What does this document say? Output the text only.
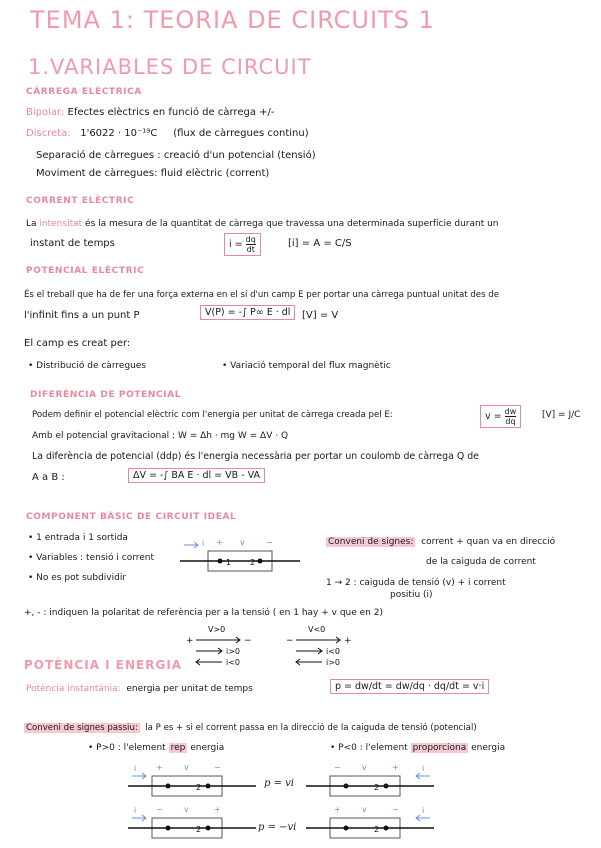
TEMA 1: TEORIA DE CIRCUITS 1
1.VARIABLES DE CIRCUIT
CÀRREGA ELÈCTRICA
Bipolar: Efectes elèctrics en funció de càrrega +/-
Discreta: 1'6022 · 10⁻¹⁹C (flux de càrregues continu)
Separació de càrregues : creació d'un potencial (tensió)
Moviment de càrregues: fluid elèctric (corrent)
CORRENT ELÈCTRIC
La intensitat és la mesura de la quantitat de càrrega que travessa una determinada superfície durant un
instant de temps	$i = \frac{dq}{dt}$	[i] = A = C/S
POTENCIAL ELÈCTRIC
És el treball que ha de fer una força externa en el sí d'un camp E per portar una càrrega puntual unitat des de
l'infinit fins a un punt P	V(P) = -∫ P∞ E · dl	[V] = V
El camp es creat per:
• Distribució de càrregues	• Variació temporal del flux magnètic
DIFERÈNCIA DE POTENCIAL
Podem definir el potencial elèctric com l'energia per unitat de càrrega creada pel E:	$v = \frac{dw}{dq}$	[V] = J/C
Amb el potencial gravitacional : W = Δh · mg W = ΔV · Q
La diferència de potencial (ddp) és l'energia necessària per portar un coulomb de càrrega Q de
A a B :	ΔV = -∫ BA E · dl = VB - VA
COMPONENT BÀSIC DE CIRCUIT IDEAL
• 1 entrada i 1 sortida
• Variables : tensió i corrent
• No es pot subdividir
i + v	−
1 2
Conveni de signes: corrent + quan va en direcció
de la caiguda de corrent
1 → 2 : caiguda de tensió (v) + i corrent
positiu (i)
+, - : indiquen la polaritat de referència per a la tensió ( en 1 hay + v que en 2)
V>0
+	−
i>0
i<0
V<0
−	+
i<0
i>0
POTÈNCIA I ENERGIA
Potència instantània: energia per unitat de temps	p = dw/dt = dw/dq · dq/dt = v·i
Conveni de signes passiu: la P es + si el corrent passa en la direcció de la caiguda de tensió (potencial)
• P>0 : l'element rep energia	• P<0 : l'element proporciona energia
+	v	−
i
2	p = vi
−	v	+	i
2
−	v	+
i
2	p = −vi
+	v	−	i
2
